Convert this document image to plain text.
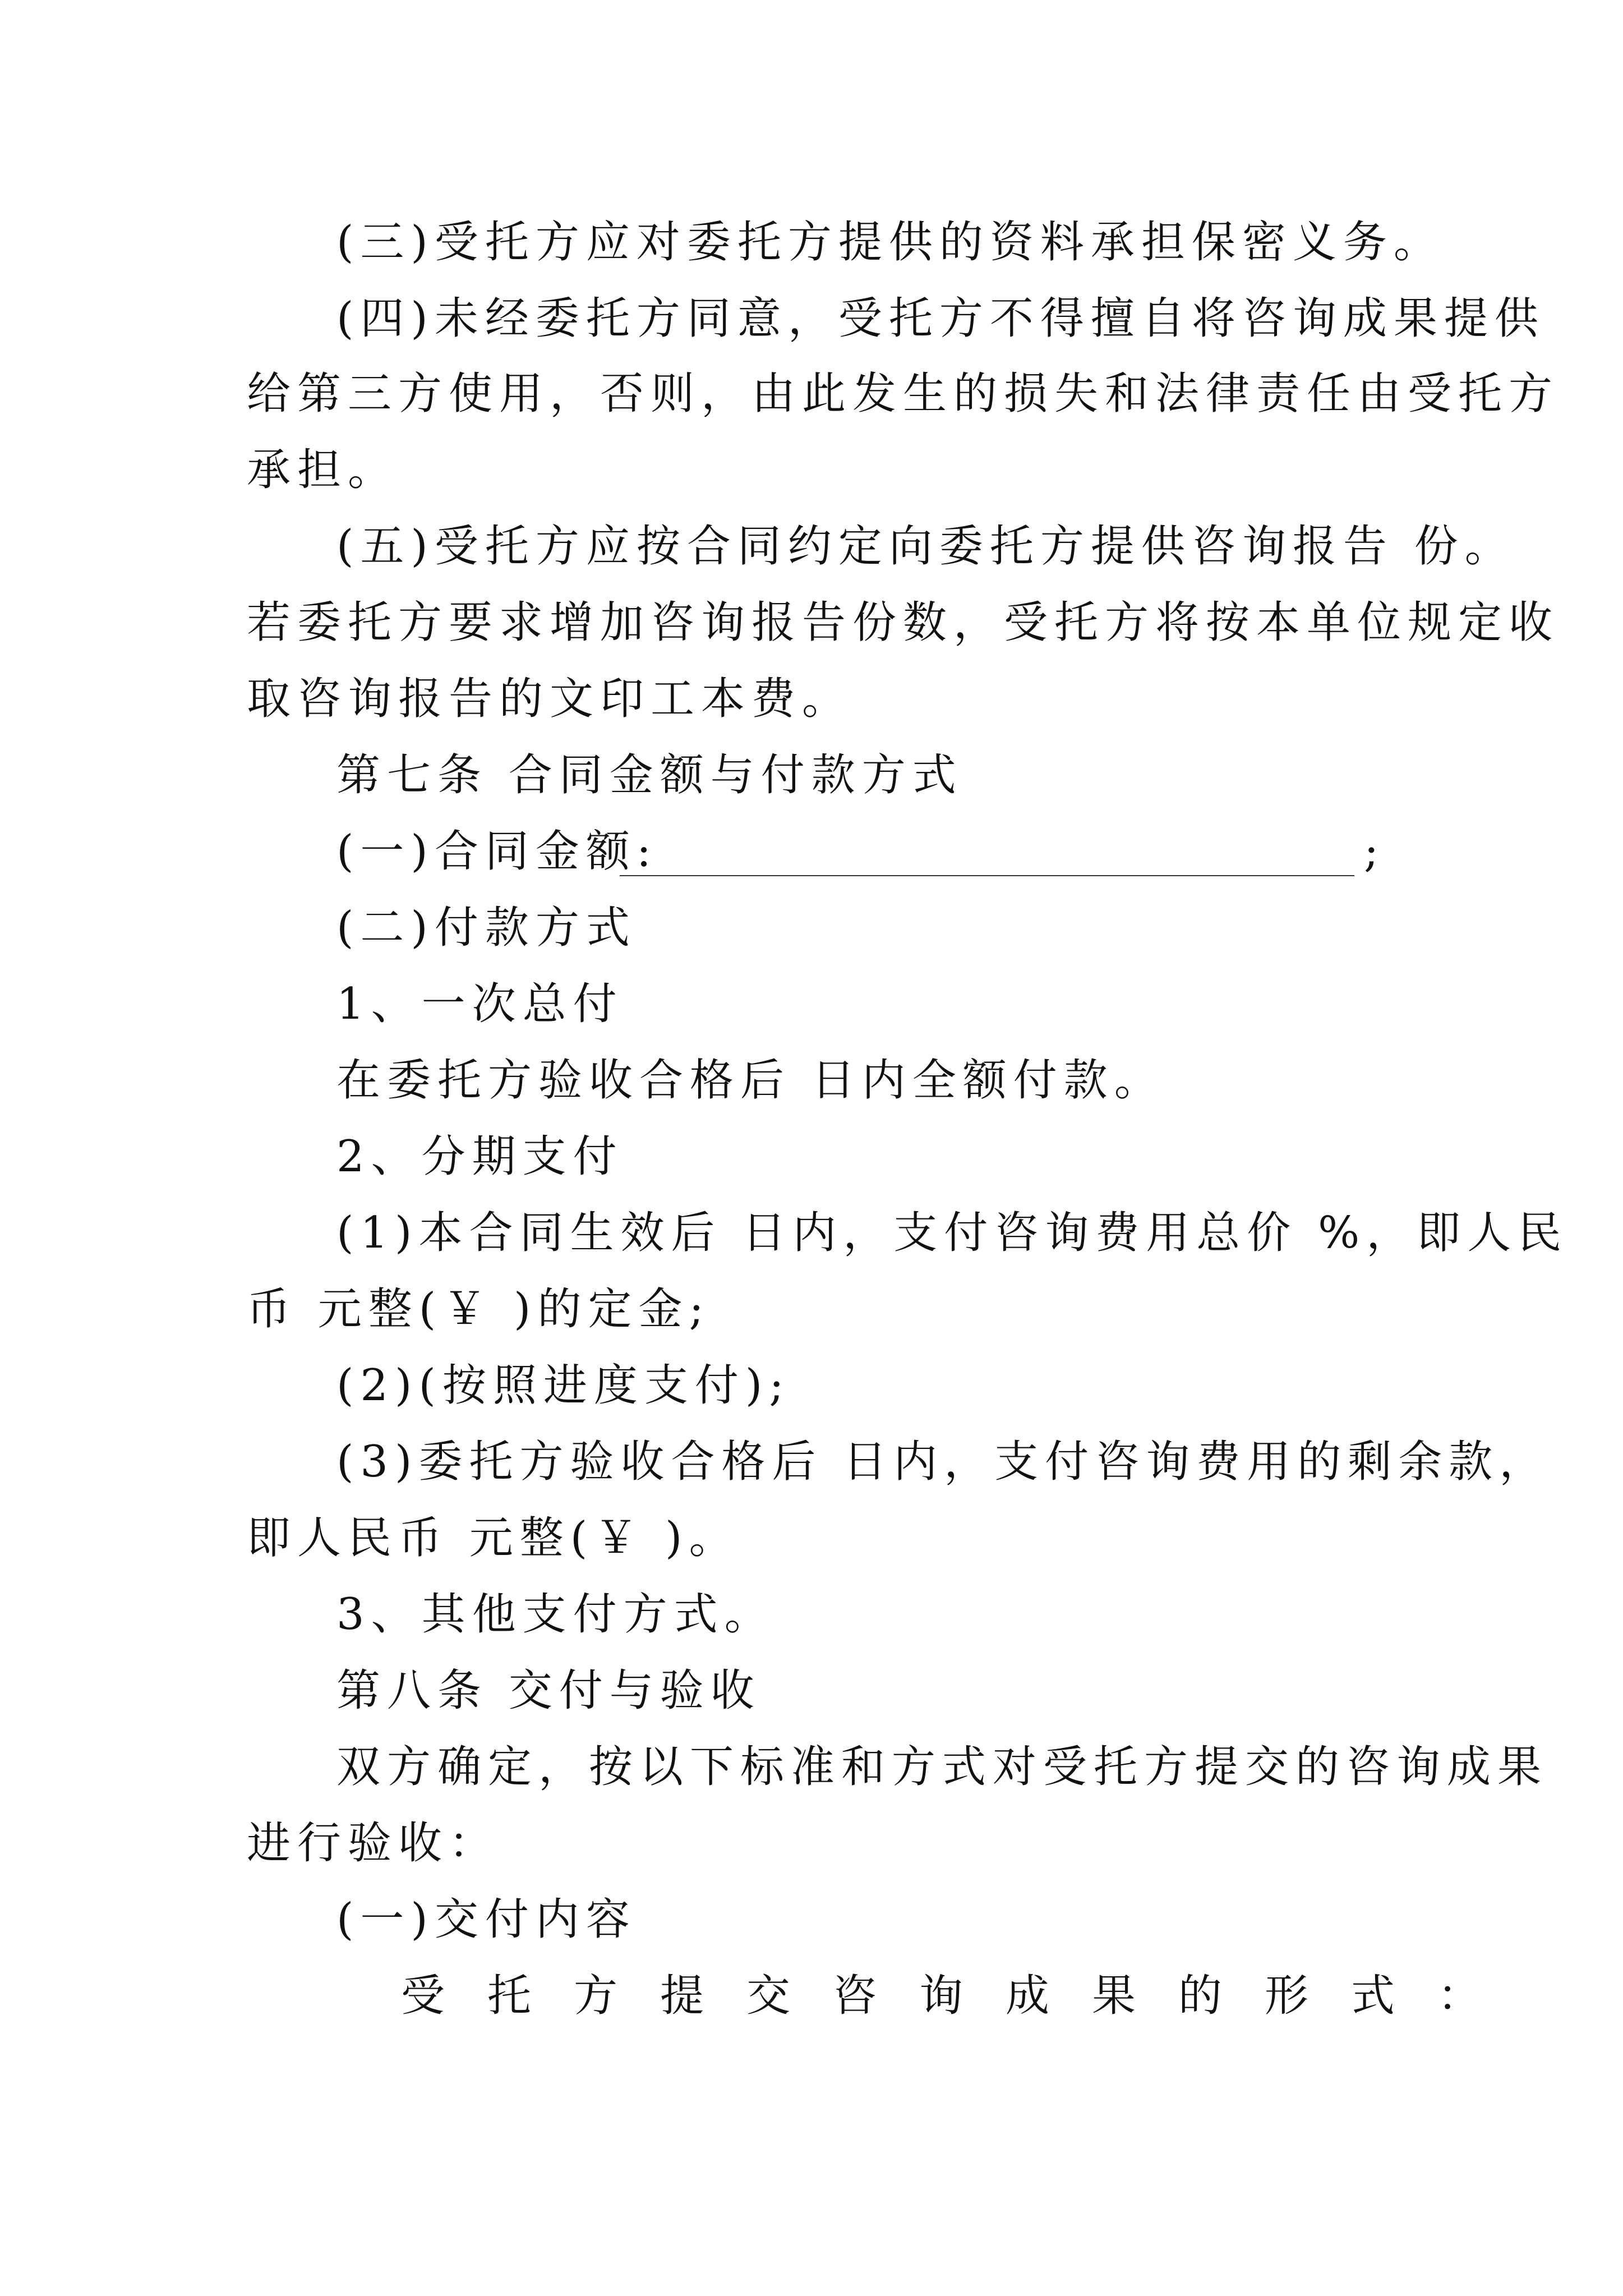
(三)受托方应对委托方提供的资料承担保密义务。
(四)未经委托方同意，受托方不得擅自将咨询成果提供
给第三方使用，否则，由此发生的损失和法律责任由受托方
承担。
(五)受托方应按合同约定向委托方提供咨询报告 份。
若委托方要求增加咨询报告份数，受托方将按本单位规定收
取咨询报告的文印工本费。
第七条 合同金额与付款方式
(一)合同金额:	;
(二)付款方式
1、一次总付
在委托方验收合格后 日内全额付款。
2、分期支付
(1)本合同生效后 日内，支付咨询费用总价 %，即人民
币 元整(￥ )的定金;
(2)(按照进度支付);
(3)委托方验收合格后 日内，支付咨询费用的剩余款，
即人民币 元整(￥ )。
3、其他支付方式。
第八条 交付与验收
双方确定，按以下标准和方式对受托方提交的咨询成果
进行验收：
(一)交付内容
受托方提交咨询成果的形式：
